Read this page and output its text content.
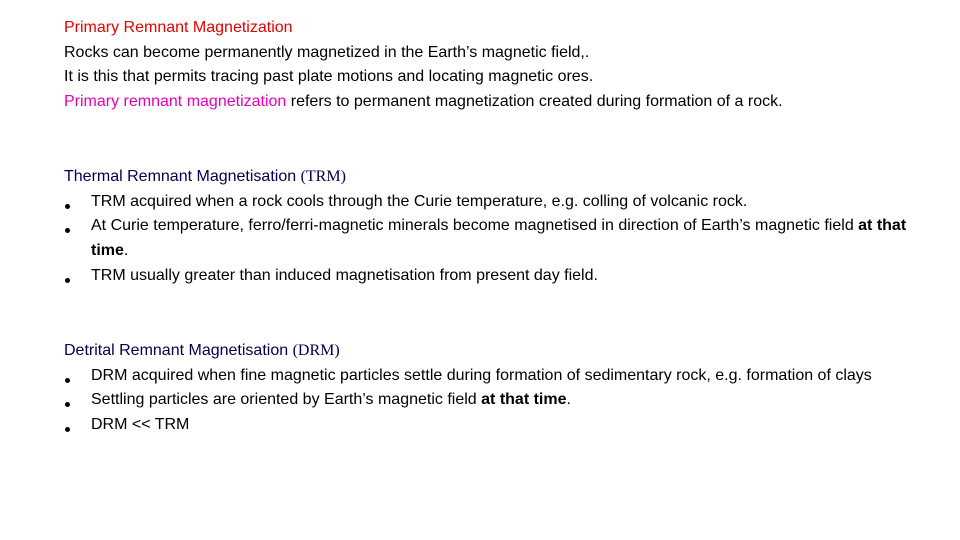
Primary Remnant Magnetization
Rocks can become permanently magnetized in the Earth’s magnetic field,.
It is this that permits tracing past plate motions and locating magnetic ores.
Primary remnant magnetization refers to permanent magnetization created during formation of a rock.
Thermal Remnant Magnetisation (TRM)
TRM acquired when a rock cools through the Curie temperature, e.g. colling of volcanic rock.
At Curie temperature, ferro/ferri-magnetic minerals become magnetised in direction of Earth’s magnetic field at that time.
TRM usually greater than induced magnetisation from present day field.
Detrital Remnant Magnetisation (DRM)
DRM acquired when fine magnetic particles settle during formation of sedimentary rock, e.g. formation of clays
Settling particles are oriented by Earth’s magnetic field at that time.
DRM << TRM
